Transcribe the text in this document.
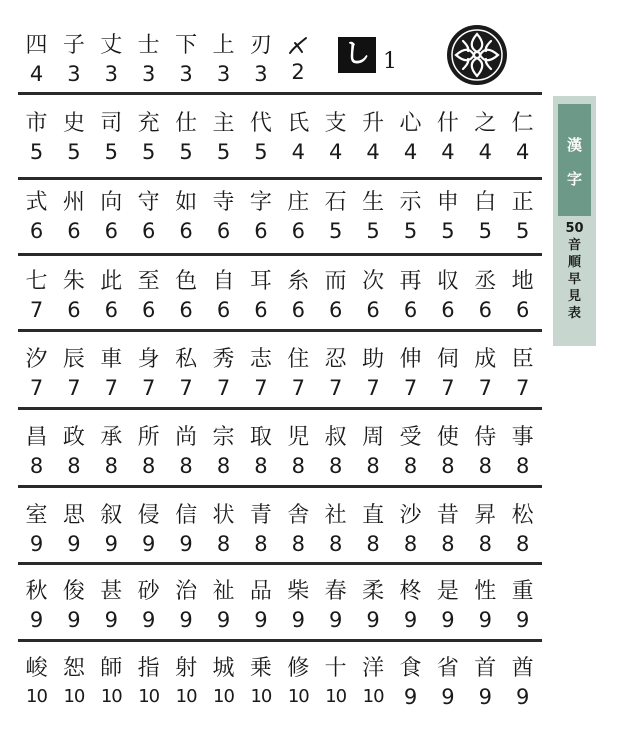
四
4
子
3
丈
3
士
3
下
3
上
3
刃
3	2
し 1
市
5
史
5
司
5
充
5
仕
5
主
5
代
5
氏
4
支
4
升
4
心
4
什
4
之
4
仁
4
式
6
州
6
向
6
守
6
如
6
寺
6
字
6
庄
6
石
5
生
5
示
5
申
5
白
5
正
5
七
7
朱
6
此
6
至
6
色
6
自
6
耳
6
糸
6
而
6
次
6
再
6
収
6
丞
6
地
6
汐
7
辰
7
車
7
身
7
私
7
秀
7
志
7
住
7
忍
7
助
7
伸
7
伺
7
成
7
臣
7
昌
8
政
8
承
8
所
8
尚
8
宗
8
取
8
児
8
叔
8
周
8
受
8
使
8
侍
8
事
8
室
9
思
9
叙
9
侵
9
信
9
状
8
青
8
舎
8
社
8
直
8
沙
8
昔
8
昇
8
松
8
秋
9
俊
9
甚
9
砂
9
治
9
祉
9
品
9
柴
9
春
9
柔
9
柊
9
是
9
性
9
重
9
峻
10
恕
10
師
10
指
10
射
10
城
10
乗
10
修
10
十
10
洋
10
食
9
省
9
首
9
酋
9
漢
字
50
音
順
早
見
表
